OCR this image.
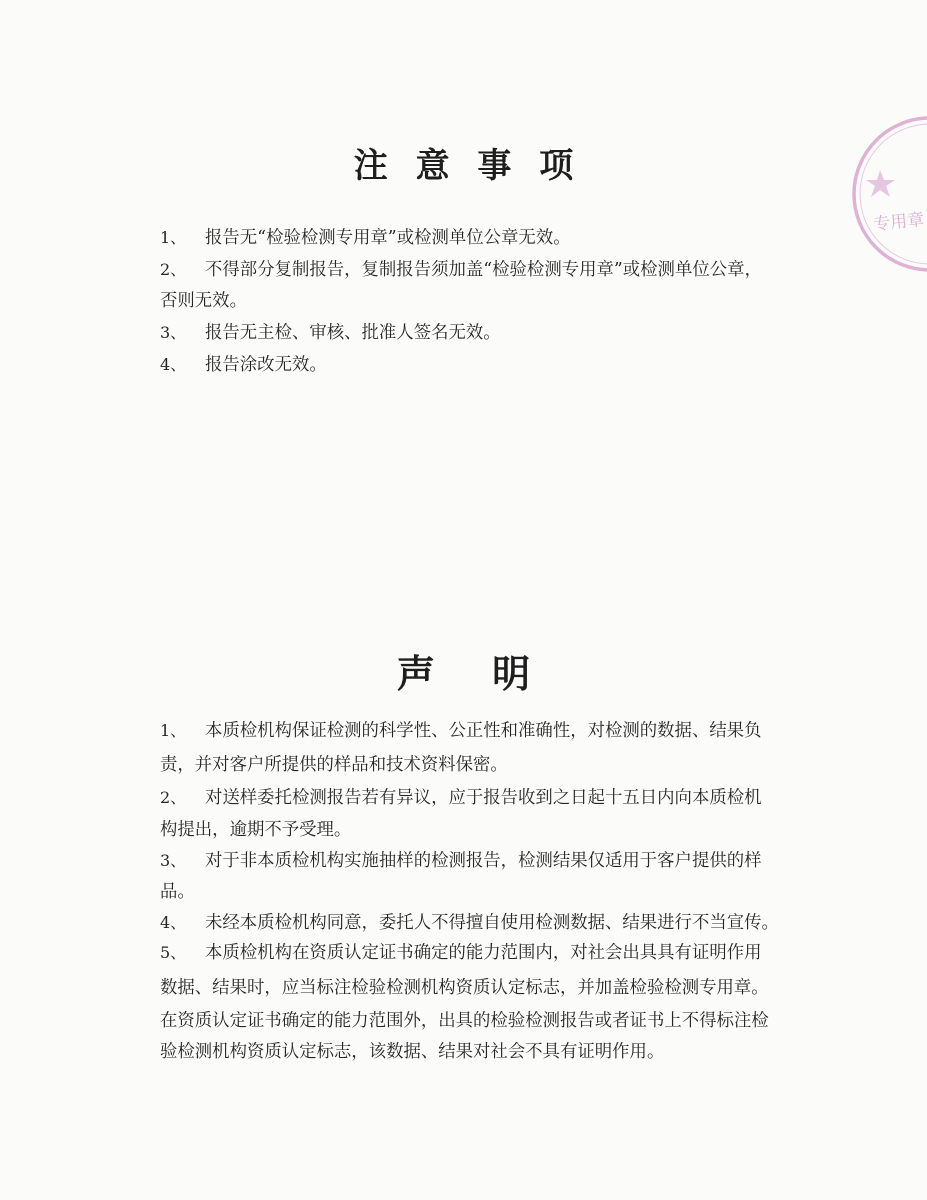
注 意 事 项
1、 报告无“检验检测专用章”或检测单位公章无效。
2、 不得部分复制报告，复制报告须加盖“检验检测专用章”或检测单位公章，
否则无效。
3、 报告无主检、审核、批准人签名无效。
4、 报告涂改无效。
声 明
1、 本质检机构保证检测的科学性、公正性和准确性，对检测的数据、结果负
责，并对客户所提供的样品和技术资料保密。
2、 对送样委托检测报告若有异议，应于报告收到之日起十五日内向本质检机
构提出，逾期不予受理。
3、 对于非本质检机构实施抽样的检测报告，检测结果仅适用于客户提供的样
品。
4、 未经本质检机构同意，委托人不得擅自使用检测数据、结果进行不当宣传。
5、 本质检机构在资质认定证书确定的能力范围内，对社会出具具有证明作用
数据、结果时，应当标注检验检测机构资质认定标志，并加盖检验检测专用章。
在资质认定证书确定的能力范围外，出具的检验检测报告或者证书上不得标注检
验检测机构资质认定标志，该数据、结果对社会不具有证明作用。
专用章
